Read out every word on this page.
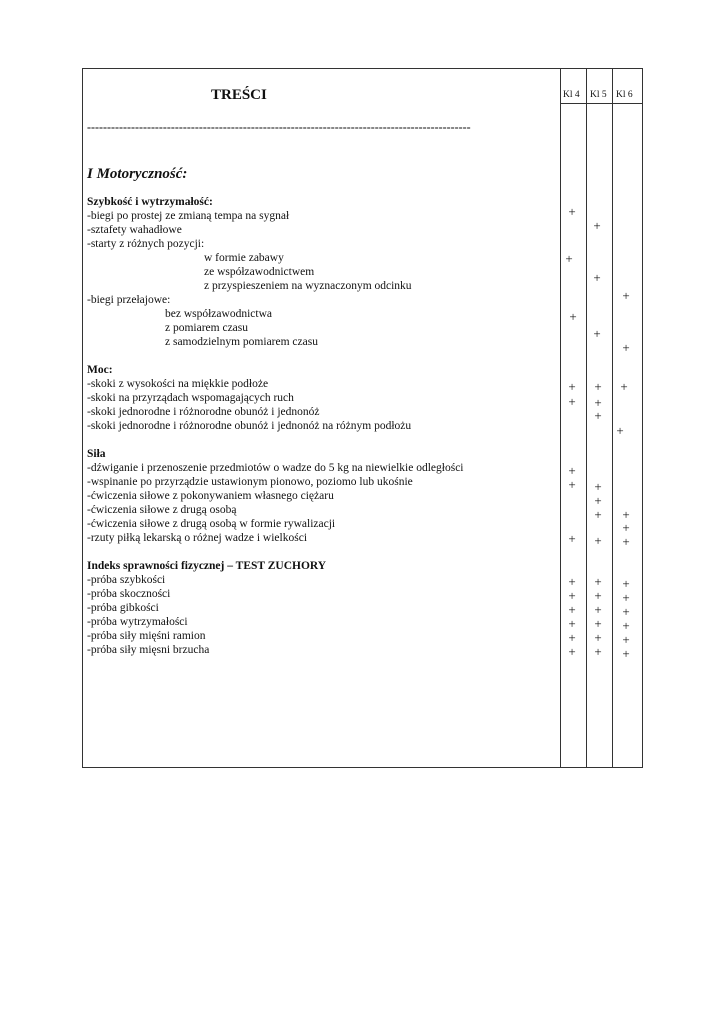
TREŚCI	Kl 4 Kl 5 Kl 6
------------------------------------------------------------------------------------------------
I Motoryczność:
Szybkość i wytrzymałość:
-biegi po prostej ze zmianą tempa na sygnał
-sztafety wahadłowe
-starty z różnych pozycji:
w formie zabawy
ze współzawodnictwem
z przyspieszeniem na wyznaczonym odcinku
-biegi przełajowe:
bez współzawodnictwa
z pomiarem czasu
z samodzielnym pomiarem czasu
Moc:
-skoki z wysokości na miękkie podłoże
-skoki na przyrządach wspomagających ruch
-skoki jednorodne i różnorodne obunóż i jednonóż
-skoki jednorodne i różnorodne obunóż i jednonóż na różnym podłożu
Siła
-dźwiganie i przenoszenie przedmiotów o wadze do 5 kg na niewielkie odległości
-wspinanie po przyrządzie ustawionym pionowo, poziomo lub ukośnie
-ćwiczenia siłowe z pokonywaniem własnego ciężaru
-ćwiczenia siłowe z drugą osobą
-ćwiczenia siłowe z drugą osobą w formie rywalizacji
-rzuty piłką lekarską o różnej wadze i wielkości
Indeks sprawności fizycznej – TEST ZUCHORY
-próba szybkości
-próba skoczności
-próba gibkości
-próba wytrzymałości
-próba siły mięśni ramion
-próba siły mięsni brzucha
+
+
+
+
+
+
+
+
+ + +
+ +
+
+
+
+ +
+
+ +
+
+ + +
+ + +
+ + +
+ + +
+ + +
+ + +
+ + +
